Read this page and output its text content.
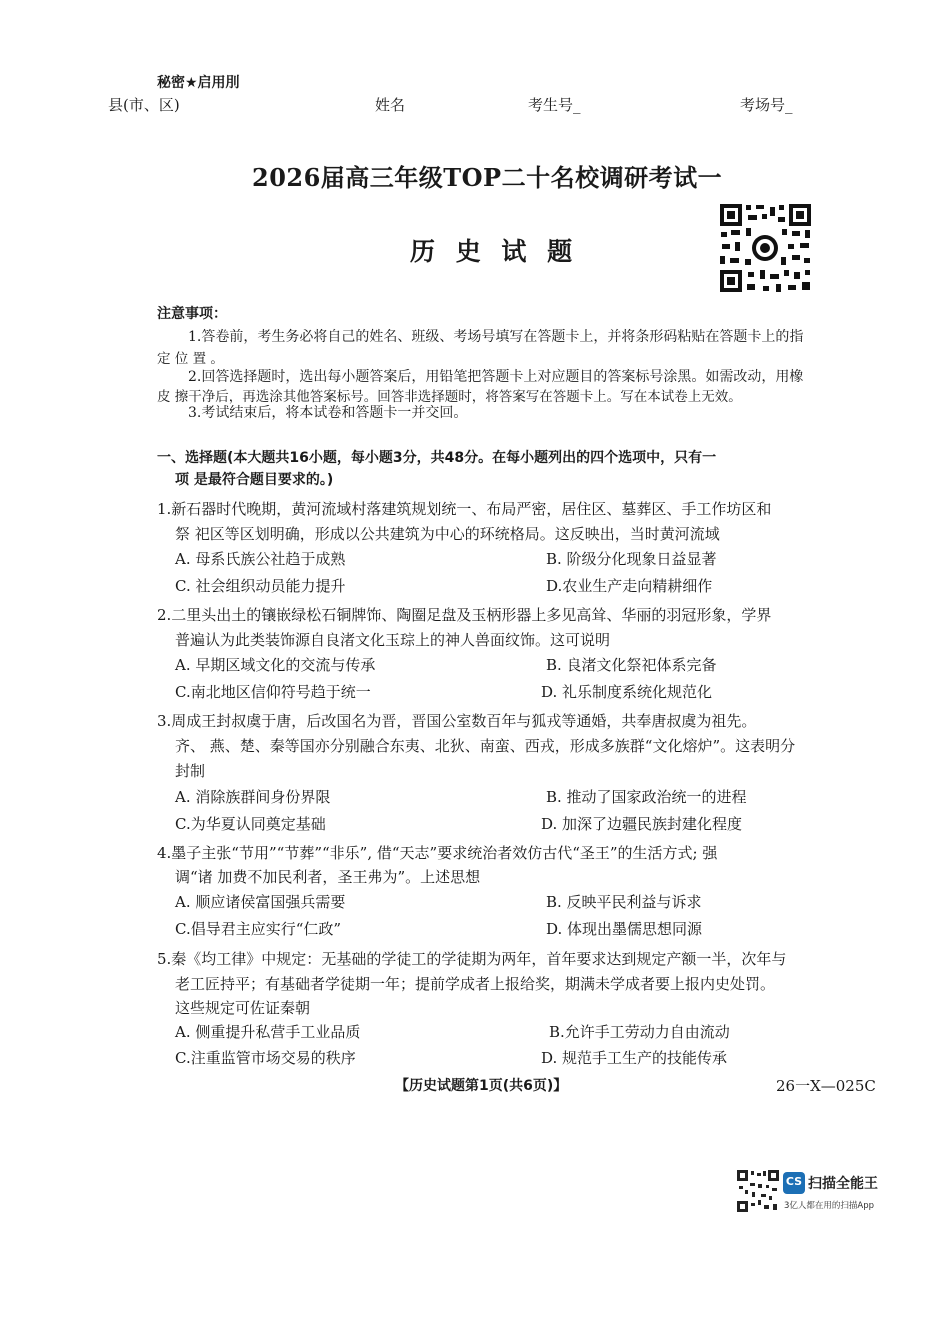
秘密★启用刖
县(市、区)	姓名	考生号_	考场号_
2026届高三年级TOP二十名校调研考试一
历 史 试 题
注意事项：
1.答卷前，考生务必将自己的姓名、班级、考场号填写在答题卡上，并将条形码粘贴在答题卡上的指
定 位 置 。
2.回答选择题时，选出每小题答案后，用铅笔把答题卡上对应题目的答案标号涂黑。如需改动，用橡
皮 擦干净后，再选涂其他答案标号。回答非选择题时，将答案写在答题卡上。写在本试卷上无效。
3.考试结束后，将本试卷和答题卡一并交回。
一、选择题(本大题共16小题，每小题3分，共48分。在每小题列出的四个选项中，只有一
项 是最符合题目要求的。)
1.新石器时代晚期，黄河流域村落建筑规划统一、布局严密，居住区、墓葬区、手工作坊区和
祭 祀区等区划明确，形成以公共建筑为中心的环统格局。这反映出，当时黄河流域
A. 母系氏族公社趋于成熟	B. 阶级分化现象日益显著
C. 社会组织动员能力提升	D.农业生产走向精耕细作
2.二里头出土的镶嵌绿松石铜牌饰、陶圈足盘及玉柄形器上多见高耸、华丽的羽冠形象，学界
普遍认为此类装饰源自良渚文化玉琮上的神人兽面纹饰。这可说明
A. 早期区域文化的交流与传承	B. 良渚文化祭祀体系完备
C.南北地区信仰符号趋于统一	D. 礼乐制度系统化规范化
3.周成王封叔虞于唐，后改国名为晋，晋国公室数百年与狐戎等通婚，共奉唐叔虞为祖先。
齐、 燕、楚、秦等国亦分别融合东夷、北狄、南蛮、西戎，形成多族群“文化熔炉”。这表明分
封制
A. 消除族群间身份界限	B. 推动了国家政治统一的进程
C.为华夏认同奠定基础	D. 加深了边疆民族封建化程度
4.墨子主张“节用”“节葬”“非乐”, 借“天志”要求统治者效仿古代“圣王”的生活方式; 强
调“诸 加费不加民利者，圣王弗为”。上述思想
A. 顺应诸侯富国强兵需要	B. 反映平民利益与诉求
C.倡导君主应实行“仁政”	D. 体现出墨儒思想同源
5.秦《均工律》中规定：无基础的学徒工的学徒期为两年，首年要求达到规定产额一半，次年与
老工匠持平；有基础者学徒期一年；提前学成者上报给奖，期满未学成者要上报内史处罚。
这些规定可佐证秦朝
A. 侧重提升私营手工业品质	B.允许手工劳动力自由流动
C.注重监管市场交易的秩序	D. 规范手工生产的技能传承
【历史试题第1页(共6页)】	26一X—025C
CS 扫描全能王
3亿人都在用的扫描App
